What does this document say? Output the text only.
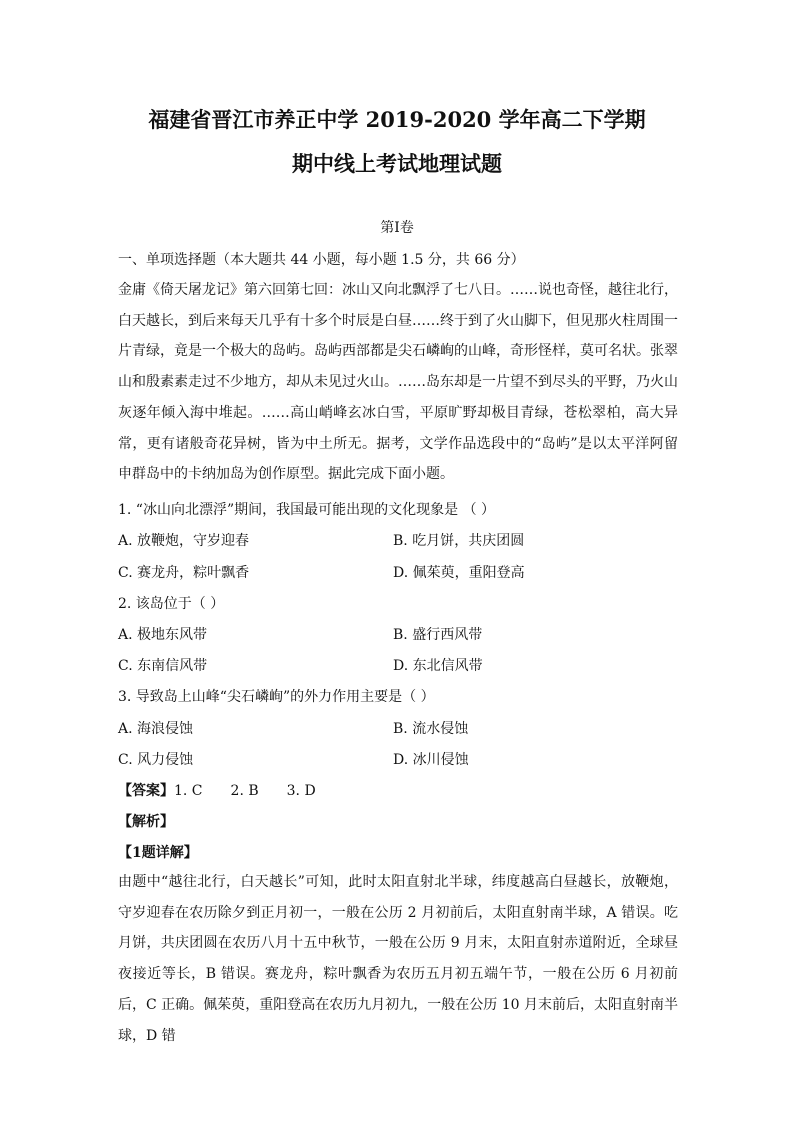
福建省晋江市养正中学 2019-2020 学年高二下学期
期中线上考试地理试题
第Ⅰ卷
一、单项选择题（本大题共 44 小题，每小题 1.5 分，共 66 分）
金庸《倚天屠龙记》第六回第七回：冰山又向北飘浮了七八日。……说也奇怪，越往北行，白天越长，到后来每天几乎有十多个时辰是白昼……终于到了火山脚下，但见那火柱周围一片青绿，竟是一个极大的岛屿。岛屿西部都是尖石嶙峋的山峰，奇形怪样，莫可名状。张翠山和殷素素走过不少地方，却从未见过火山。……岛东却是一片望不到尽头的平野，乃火山灰逐年倾入海中堆起。……高山峭峰玄冰白雪，平原旷野却极目青绿，苍松翠柏，高大异常，更有诸般奇花异树，皆为中土所无。据考，文学作品选段中的“岛屿”是以太平洋阿留申群岛中的卡纳加岛为创作原型。据此完成下面小题。
1. “冰山向北漂浮”期间，我国最可能出现的文化现象是 （ ）
A. 放鞭炮，守岁迎春	B. 吃月饼，共庆团圆
C. 赛龙舟，粽叶飘香	D. 佩茱萸，重阳登高
2. 该岛位于（ ）
A. 极地东风带	B. 盛行西风带
C. 东南信风带	D. 东北信风带
3. 导致岛上山峰“尖石嶙峋”的外力作用主要是（ ）
A. 海浪侵蚀	B. 流水侵蚀
C. 风力侵蚀	D. 冰川侵蚀
【答案】1. C 2. B 3. D
【解析】
【1题详解】
由题中“越往北行，白天越长”可知，此时太阳直射北半球，纬度越高白昼越长，放鞭炮，守岁迎春在农历除夕到正月初一，一般在公历 2 月初前后，太阳直射南半球，A 错误。吃月饼，共庆团圆在农历八月十五中秋节，一般在公历 9 月末，太阳直射赤道附近，全球昼夜接近等长，B 错误。赛龙舟，粽叶飘香为农历五月初五端午节，一般在公历 6 月初前后，C 正确。佩茱萸，重阳登高在农历九月初九，一般在公历 10 月末前后，太阳直射南半球，D 错
